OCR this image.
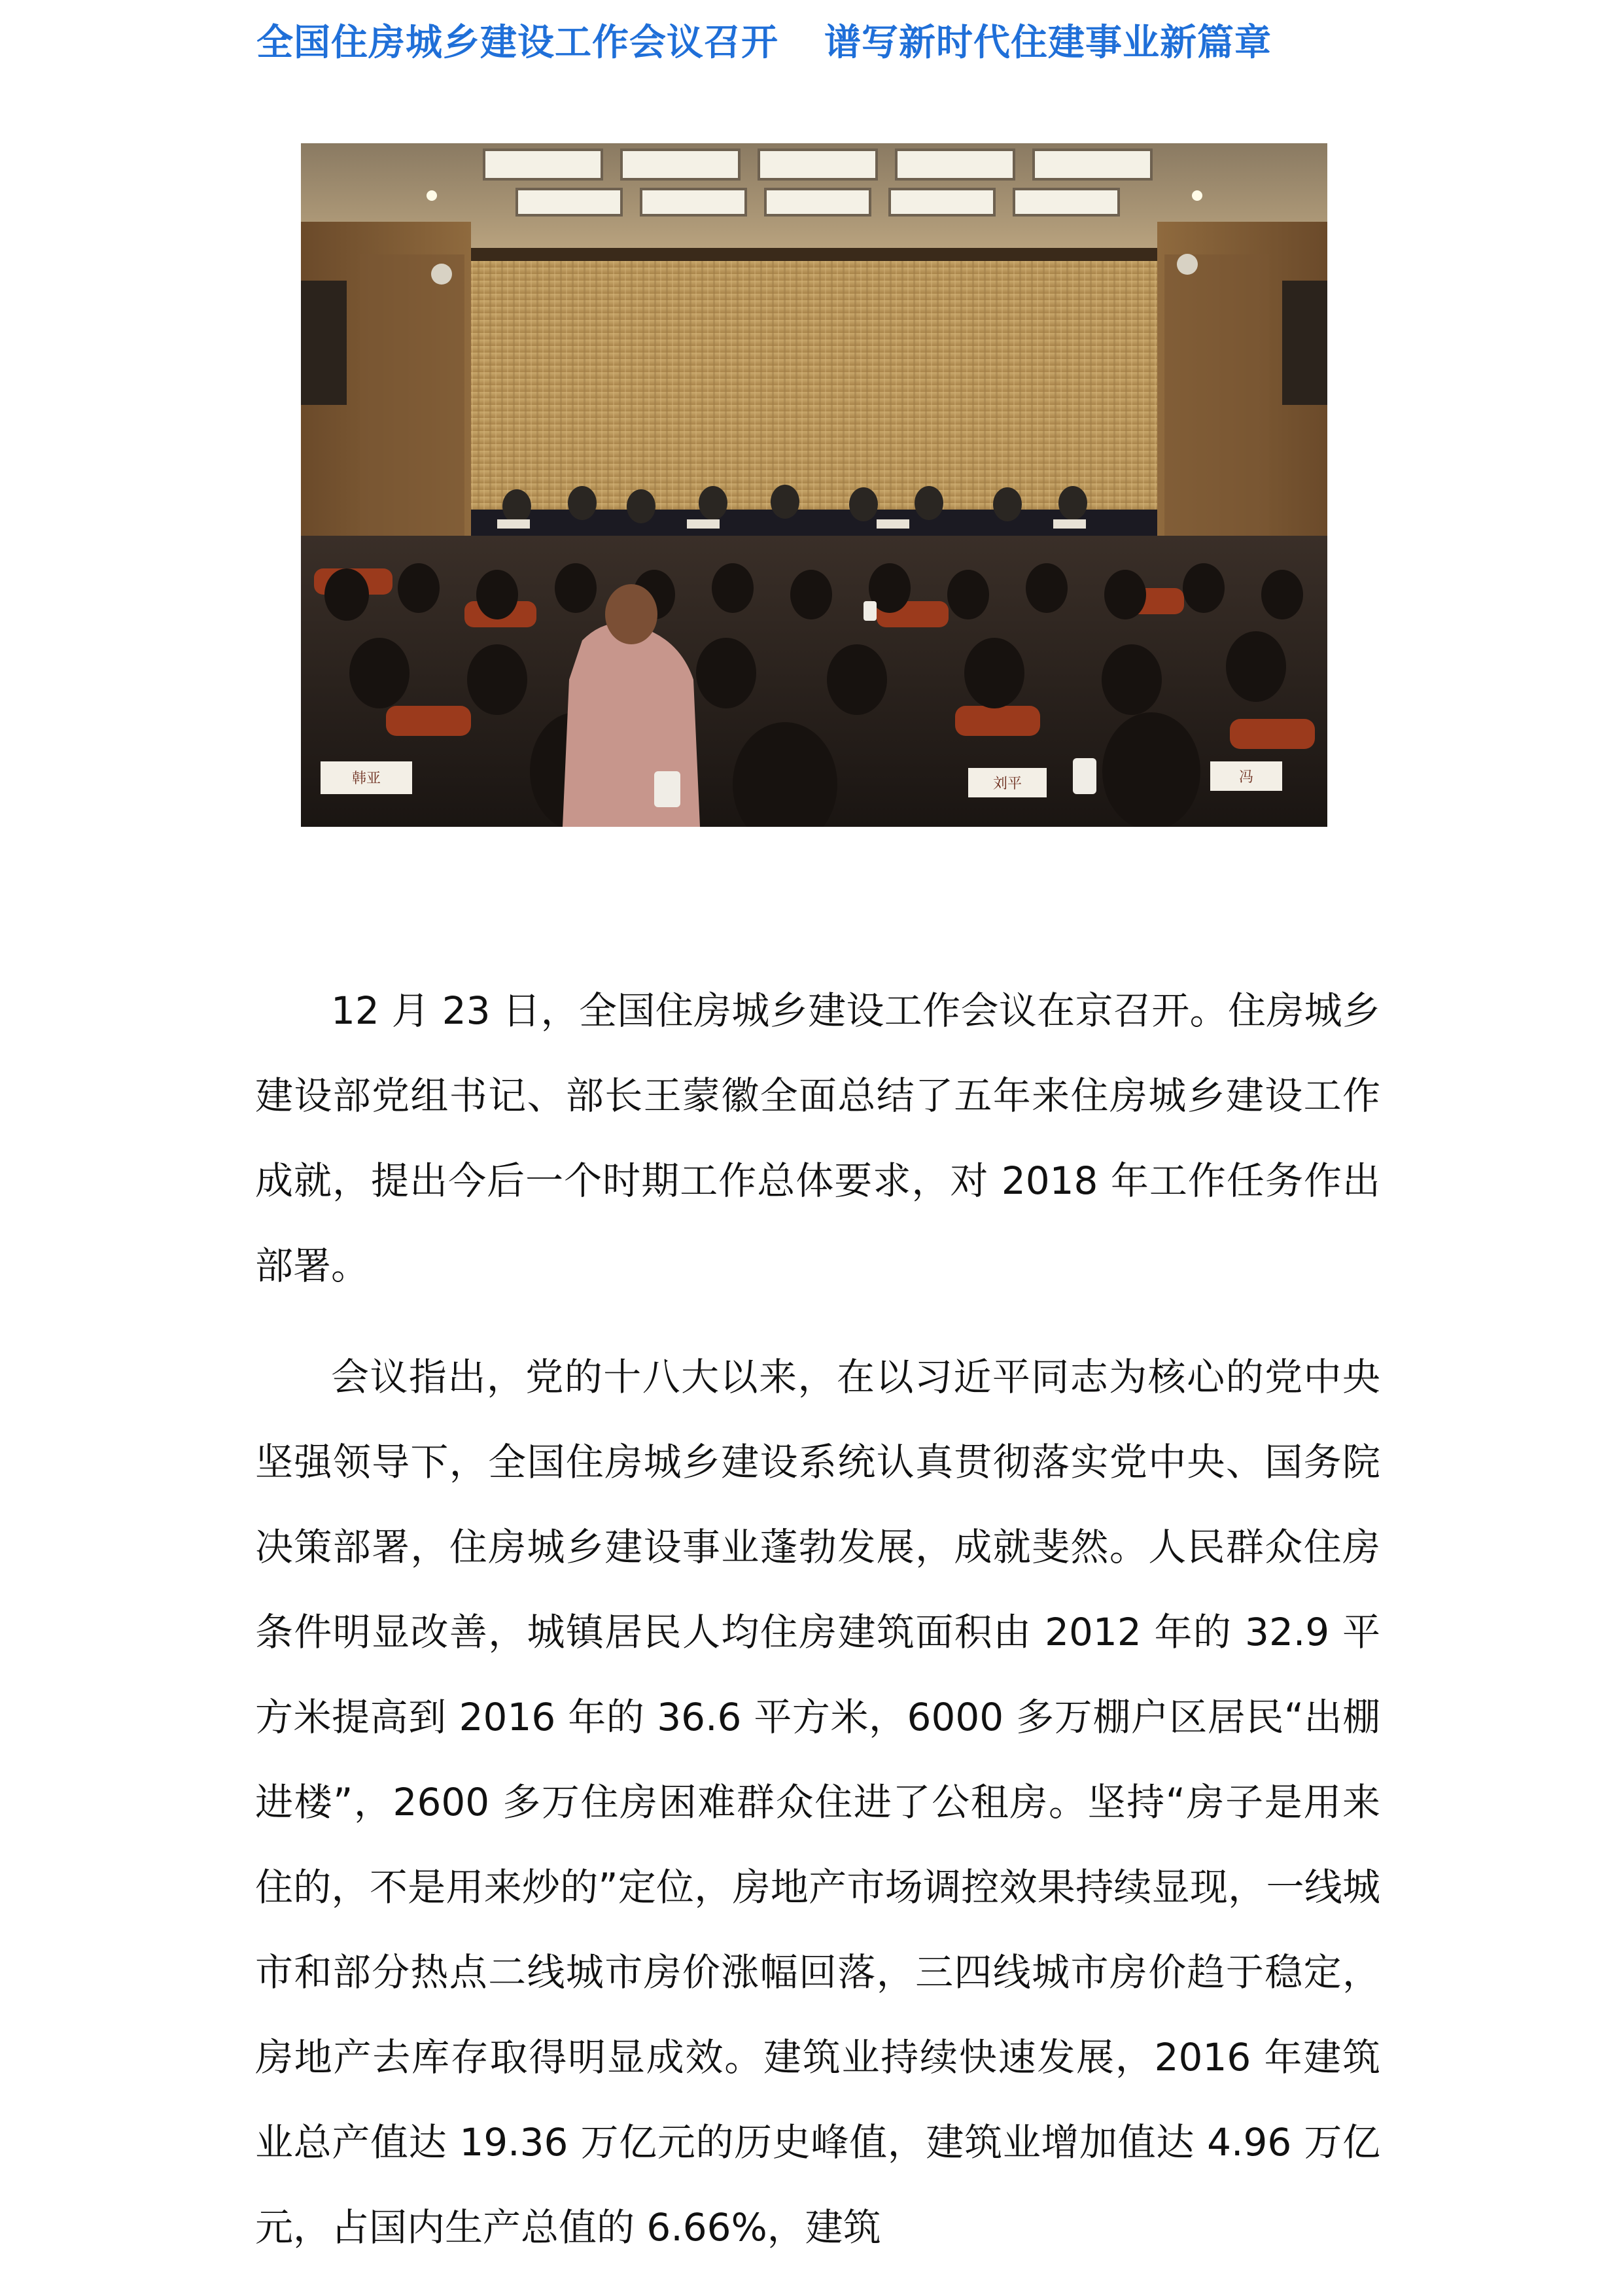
全国住房城乡建设工作会议召开 谱写新时代住建事业新篇章
韩亚	刘平	冯

12 月 23 日，全国住房城乡建设工作会议在京召开。住房城乡建设部党组书记、部长王蒙徽全面总结了五年来住房城乡建设工作成就，提出今后一个时期工作总体要求，对 2018 年工作任务作出部署。

会议指出，党的十八大以来，在以习近平同志为核心的党中央坚强领导下，全国住房城乡建设系统认真贯彻落实党中央、国务院决策部署，住房城乡建设事业蓬勃发展，成就斐然。人民群众住房条件明显改善，城镇居民人均住房建筑面积由 2012 年的 32.9 平方米提高到 2016 年的 36.6 平方米，6000 多万棚户区居民“出棚进楼”，2600 多万住房困难群众住进了公租房。坚持“房子是用来住的，不是用来炒的”定位，房地产市场调控效果持续显现，一线城市和部分热点二线城市房价涨幅回落，三四线城市房价趋于稳定，房地产去库存取得明显成效。建筑业持续快速发展，2016 年建筑业总产值达 19.36 万亿元的历史峰值，建筑业增加值达 4.96 万亿元，占国内生产总值的 6.66%，建筑
